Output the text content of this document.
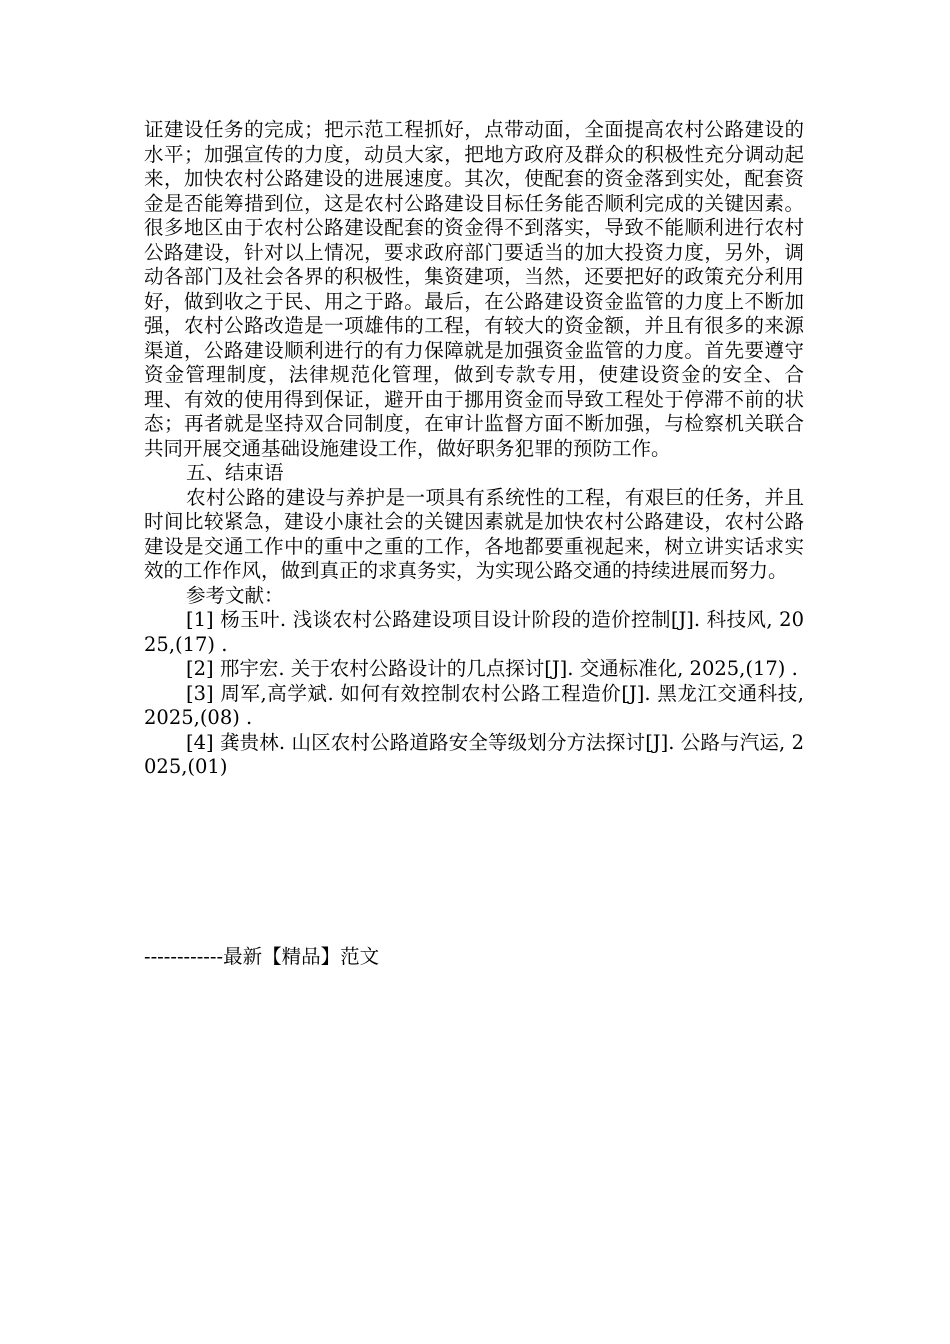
证建设任务的完成；把示范工程抓好，点带动面，全面提高农村公路建设的水平；加强宣传的力度，动员大家，把地方政府及群众的积极性充分调动起来，加快农村公路建设的进展速度。其次，使配套的资金落到实处，配套资金是否能筹措到位，这是农村公路建设目标任务能否顺利完成的关键因素。很多地区由于农村公路建设配套的资金得不到落实，导致不能顺利进行农村公路建设，针对以上情况，要求政府部门要适当的加大投资力度，另外，调动各部门及社会各界的积极性，集资建项，当然，还要把好的政策充分利用好，做到收之于民、用之于路。最后，在公路建设资金监管的力度上不断加强，农村公路改造是一项雄伟的工程，有较大的资金额，并且有很多的来源渠道，公路建设顺利进行的有力保障就是加强资金监管的力度。首先要遵守资金管理制度，法律规范化管理，做到专款专用，使建设资金的安全、合理、有效的使用得到保证，避开由于挪用资金而导致工程处于停滞不前的状态；再者就是坚持双合同制度，在审计监督方面不断加强，与检察机关联合共同开展交通基础设施建设工作，做好职务犯罪的预防工作。

五、结束语

农村公路的建设与养护是一项具有系统性的工程，有艰巨的任务，并且时间比较紧急，建设小康社会的关键因素就是加快农村公路建设，农村公路建设是交通工作中的重中之重的工作，各地都要重视起来，树立讲实话求实效的工作作风，做到真正的求真务实，为实现公路交通的持续进展而努力。

参考文献：

[1] 杨玉叶. 浅谈农村公路建设项目设计阶段的造价控制[J]. 科技风, 2025,(17) .

[2] 邢宇宏. 关于农村公路设计的几点探讨[J]. 交通标准化, 2025,(17) .

[3] 周军,高学斌. 如何有效控制农村公路工程造价[J]. 黑龙江交通科技, 2025,(08) .

[4] 龚贵林. 山区农村公路道路安全等级划分方法探讨[J]. 公路与汽运, 2025,(01)

------------最新【精品】范文
